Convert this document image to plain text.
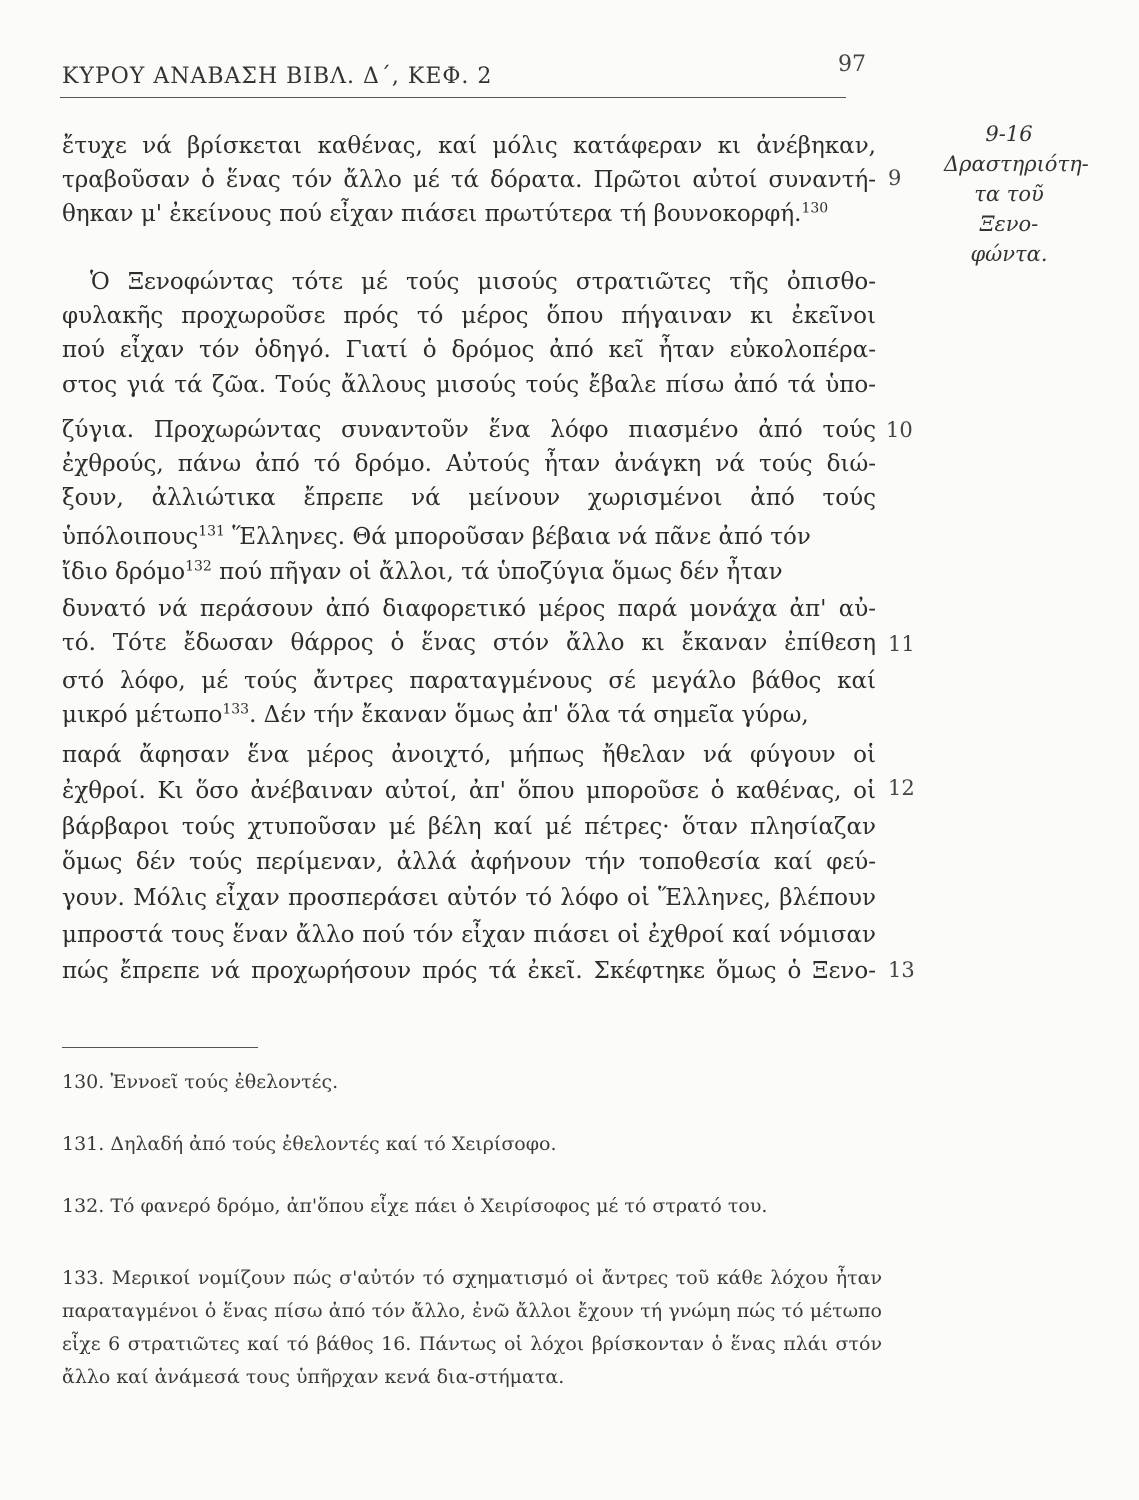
ΚΥΡΟΥ ΑΝΑΒΑΣΗ ΒΙΒΛ. Δ΄, ΚΕΦ. 2	97
9-16
Δραστηριότη-
τα τοῦ Ξενο-
φώντα.
ἔτυχε νά βρίσκεται καθένας, καί μόλις κατάφεραν κι ἀνέβηκαν,
τραβοῦσαν ὁ ἕνας τόν ἄλλο μέ τά δόρατα. Πρῶτοι αὐτοί συναντή-
θηκαν μ' ἐκείνους πού εἶχαν πιάσει πρωτύτερα τή βουνοκορφή.$^{130}$
Ὁ Ξενοφώντας τότε μέ τούς μισούς στρατιῶτες τῆς ὀπισθο-
φυλακῆς προχωροῦσε πρός τό μέρος ὅπου πήγαιναν κι ἐκεῖνοι
πού εἶχαν τόν ὁδηγό. Γιατί ὁ δρόμος ἀπό κεῖ ἦταν εὐκολοπέρα-
στος γιά τά ζῶα. Τούς ἄλλους μισούς τούς ἔβαλε πίσω ἀπό τά ὑπο-
ζύγια. Προχωρώντας συναντοῦν ἕνα λόφο πιασμένο ἀπό τούς
ἐχθρούς, πάνω ἀπό τό δρόμο. Αὐτούς ἦταν ἀνάγκη νά τούς διώ-
ξουν, ἀλλιώτικα ἔπρεπε νά μείνουν χωρισμένοι ἀπό τούς
ὑπόλοιπους$^{131}$ Ἕλληνες. Θά μποροῦσαν βέβαια νά πᾶνε ἀπό τόν
ἴδιο δρόμο$^{132}$ πού πῆγαν οἱ ἄλλοι, τά ὑποζύγια ὅμως δέν ἦταν
δυνατό νά περάσουν ἀπό διαφορετικό μέρος παρά μονάχα ἀπ' αὐ-
τό. Τότε ἔδωσαν θάρρος ὁ ἕνας στόν ἄλλο κι ἔκαναν ἐπίθεση
στό λόφο, μέ τούς ἄντρες παραταγμένους σέ μεγάλο βάθος καί
μικρό μέτωπο$^{133}$. Δέν τήν ἔκαναν ὅμως ἀπ' ὅλα τά σημεῖα γύρω,
παρά ἄφησαν ἕνα μέρος ἀνοιχτό, μήπως ἤθελαν νά φύγουν οἱ
ἐχθροί. Κι ὅσο ἀνέβαιναν αὐτοί, ἀπ' ὅπου μποροῦσε ὁ καθένας, οἱ
βάρβαροι τούς χτυποῦσαν μέ βέλη καί μέ πέτρες· ὅταν πλησίαζαν
ὅμως δέν τούς περίμεναν, ἀλλά ἀφήνουν τήν τοποθεσία καί φεύ-
γουν. Μόλις εἶχαν προσπεράσει αὐτόν τό λόφο οἱ Ἕλληνες, βλέπουν
μπροστά τους ἕναν ἄλλο πού τόν εἶχαν πιάσει οἱ ἐχθροί καί νόμισαν
πώς ἔπρεπε νά προχωρήσουν πρός τά ἐκεῖ. Σκέφτηκε ὅμως ὁ Ξενο-
9
10
11
12
13
130. Ἐννοεῖ τούς ἐθελοντές.
131. Δηλαδή ἀπό τούς ἐθελοντές καί τό Χειρίσοφο.
132. Τό φανερό δρόμο, ἀπ'ὅπου εἶχε πάει ὁ Χειρίσοφος μέ τό στρατό του.
133. Μερικοί νομίζουν πώς σ'αὐτόν τό σχηματισμό οἱ ἄντρες τοῦ κάθε λόχου ἦταν παραταγμένοι ὁ ἕνας πίσω ἀπό τόν ἄλλο, ἐνῶ ἄλλοι ἔχουν τή γνώμη πώς τό μέτωπο εἶχε 6 στρατιῶτες καί τό βάθος 16. Πάντως οἱ λόχοι βρίσκονταν ὁ ἕνας πλάι στόν ἄλλο καί ἀνάμεσά τους ὑπῆρχαν κενά δια-στήματα.
